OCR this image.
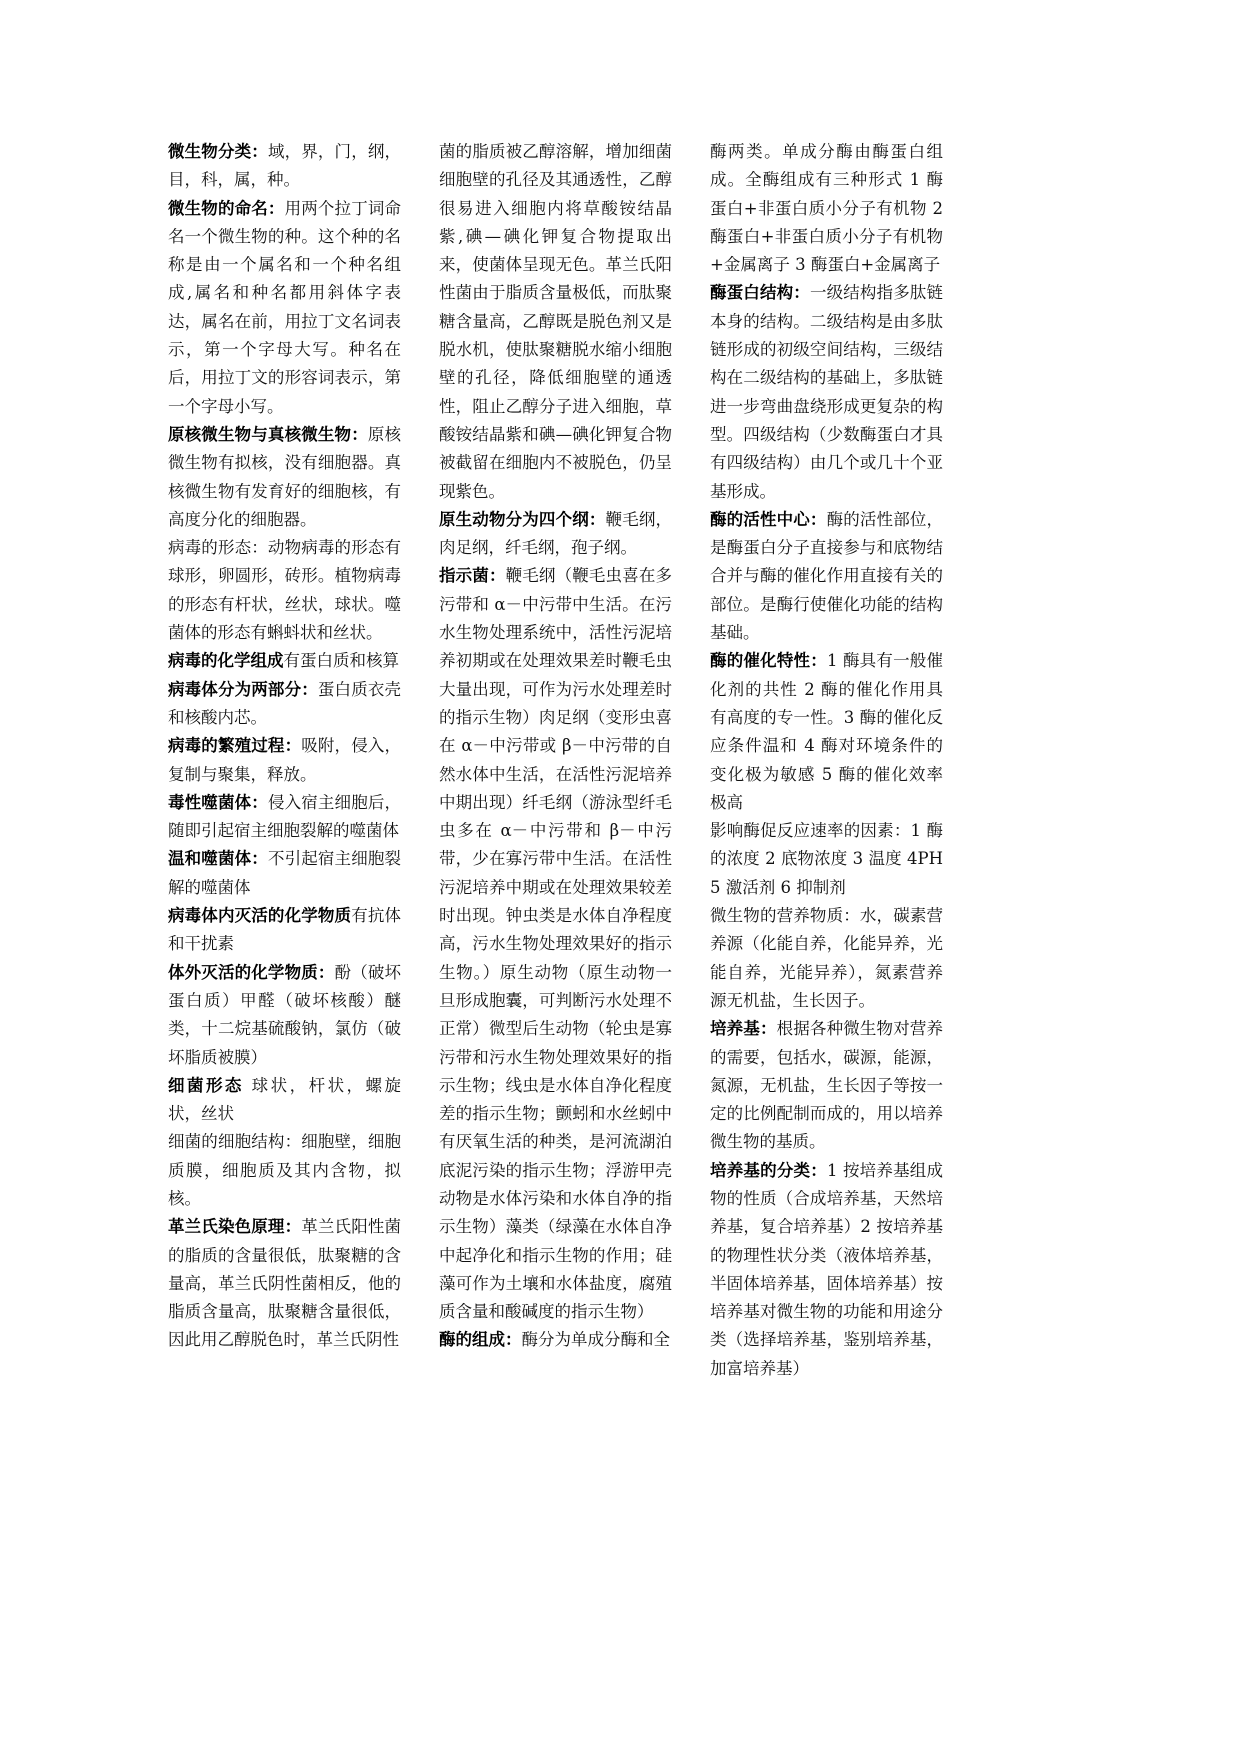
微生物分类：域，界，门，纲，目，科，属，种。

微生物的命名：用两个拉丁词命名一个微生物的种。这个种的名称是由一个属名和一个种名组成,属名和种名都用斜体字表达，属名在前，用拉丁文名词表示，第一个字母大写。种名在后，用拉丁文的形容词表示，第一个字母小写。

原核微生物与真核微生物：原核微生物有拟核，没有细胞器。真核微生物有发育好的细胞核，有高度分化的细胞器。

病毒的形态：动物病毒的形态有球形，卵圆形，砖形。植物病毒的形态有杆状，丝状，球状。噬菌体的形态有蝌蚪状和丝状。

病毒的化学组成有蛋白质和核算

病毒体分为两部分：蛋白质衣壳和核酸内芯。

病毒的繁殖过程：吸附，侵入，复制与聚集，释放。

毒性噬菌体：侵入宿主细胞后，随即引起宿主细胞裂解的噬菌体

温和噬菌体：不引起宿主细胞裂解的噬菌体

病毒体内灭活的化学物质有抗体和干扰素

体外灭活的化学物质：酚（破坏蛋白质）甲醛（破坏核酸）醚类，十二烷基硫酸钠，氯仿（破坏脂质被膜）

细菌形态 球状，杆状，螺旋状，丝状

细菌的细胞结构：细胞壁，细胞质膜，细胞质及其内含物，拟核。

革兰氏染色原理：革兰氏阳性菌的脂质的含量很低，肽聚糖的含量高，革兰氏阴性菌相反，他的脂质含量高，肽聚糖含量很低，因此用乙醇脱色时，革兰氏阴性

菌的脂质被乙醇溶解，增加细菌细胞壁的孔径及其通透性，乙醇很易进入细胞内将草酸铵结晶紫,碘—碘化钾复合物提取出来，使菌体呈现无色。革兰氏阳性菌由于脂质含量极低，而肽聚糖含量高，乙醇既是脱色剂又是脱水机，使肽聚糖脱水缩小细胞壁的孔径，降低细胞壁的通透性，阻止乙醇分子进入细胞，草酸铵结晶紫和碘—碘化钾复合物被截留在细胞内不被脱色，仍呈现紫色。

原生动物分为四个纲：鞭毛纲，肉足纲，纤毛纲，孢子纲。

指示菌：鞭毛纲（鞭毛虫喜在多污带和 α－中污带中生活。在污水生物处理系统中，活性污泥培养初期或在处理效果差时鞭毛虫大量出现，可作为污水处理差时的指示生物）肉足纲（变形虫喜在 α－中污带或 β－中污带的自然水体中生活，在活性污泥培养中期出现）纤毛纲（游泳型纤毛虫多在 α－中污带和 β－中污带，少在寡污带中生活。在活性污泥培养中期或在处理效果较差时出现。钟虫类是水体自净程度高，污水生物处理效果好的指示生物。）原生动物（原生动物一旦形成胞囊，可判断污水处理不正常）微型后生动物（轮虫是寡污带和污水生物处理效果好的指示生物；线虫是水体自净化程度差的指示生物；颤蚓和水丝蚓中有厌氧生活的种类，是河流湖泊底泥污染的指示生物；浮游甲壳动物是水体污染和水体自净的指示生物）藻类（绿藻在水体自净中起净化和指示生物的作用；硅藻可作为土壤和水体盐度，腐殖质含量和酸碱度的指示生物）

酶的组成：酶分为单成分酶和全

酶两类。单成分酶由酶蛋白组成。全酶组成有三种形式 1 酶蛋白+非蛋白质小分子有机物 2 酶蛋白+非蛋白质小分子有机物+金属离子 3 酶蛋白+金属离子

酶蛋白结构：一级结构指多肽链本身的结构。二级结构是由多肽链形成的初级空间结构，三级结构在二级结构的基础上，多肽链进一步弯曲盘绕形成更复杂的构型。四级结构（少数酶蛋白才具有四级结构）由几个或几十个亚基形成。

酶的活性中心：酶的活性部位，是酶蛋白分子直接参与和底物结合并与酶的催化作用直接有关的部位。是酶行使催化功能的结构基础。

酶的催化特性：1 酶具有一般催化剂的共性 2 酶的催化作用具有高度的专一性。3 酶的催化反应条件温和 4 酶对环境条件的变化极为敏感 5 酶的催化效率极高

影响酶促反应速率的因素：1 酶的浓度 2 底物浓度 3 温度 4PH 5 激活剂 6 抑制剂

微生物的营养物质：水，碳素营养源（化能自养，化能异养，光能自养，光能异养），氮素营养源无机盐，生长因子。

培养基：根据各种微生物对营养的需要，包括水，碳源，能源，氮源，无机盐，生长因子等按一定的比例配制而成的，用以培养微生物的基质。

培养基的分类：1 按培养基组成物的性质（合成培养基，天然培养基，复合培养基）2 按培养基的物理性状分类（液体培养基，半固体培养基，固体培养基）按培养基对微生物的功能和用途分类（选择培养基，鉴别培养基，加富培养基）
